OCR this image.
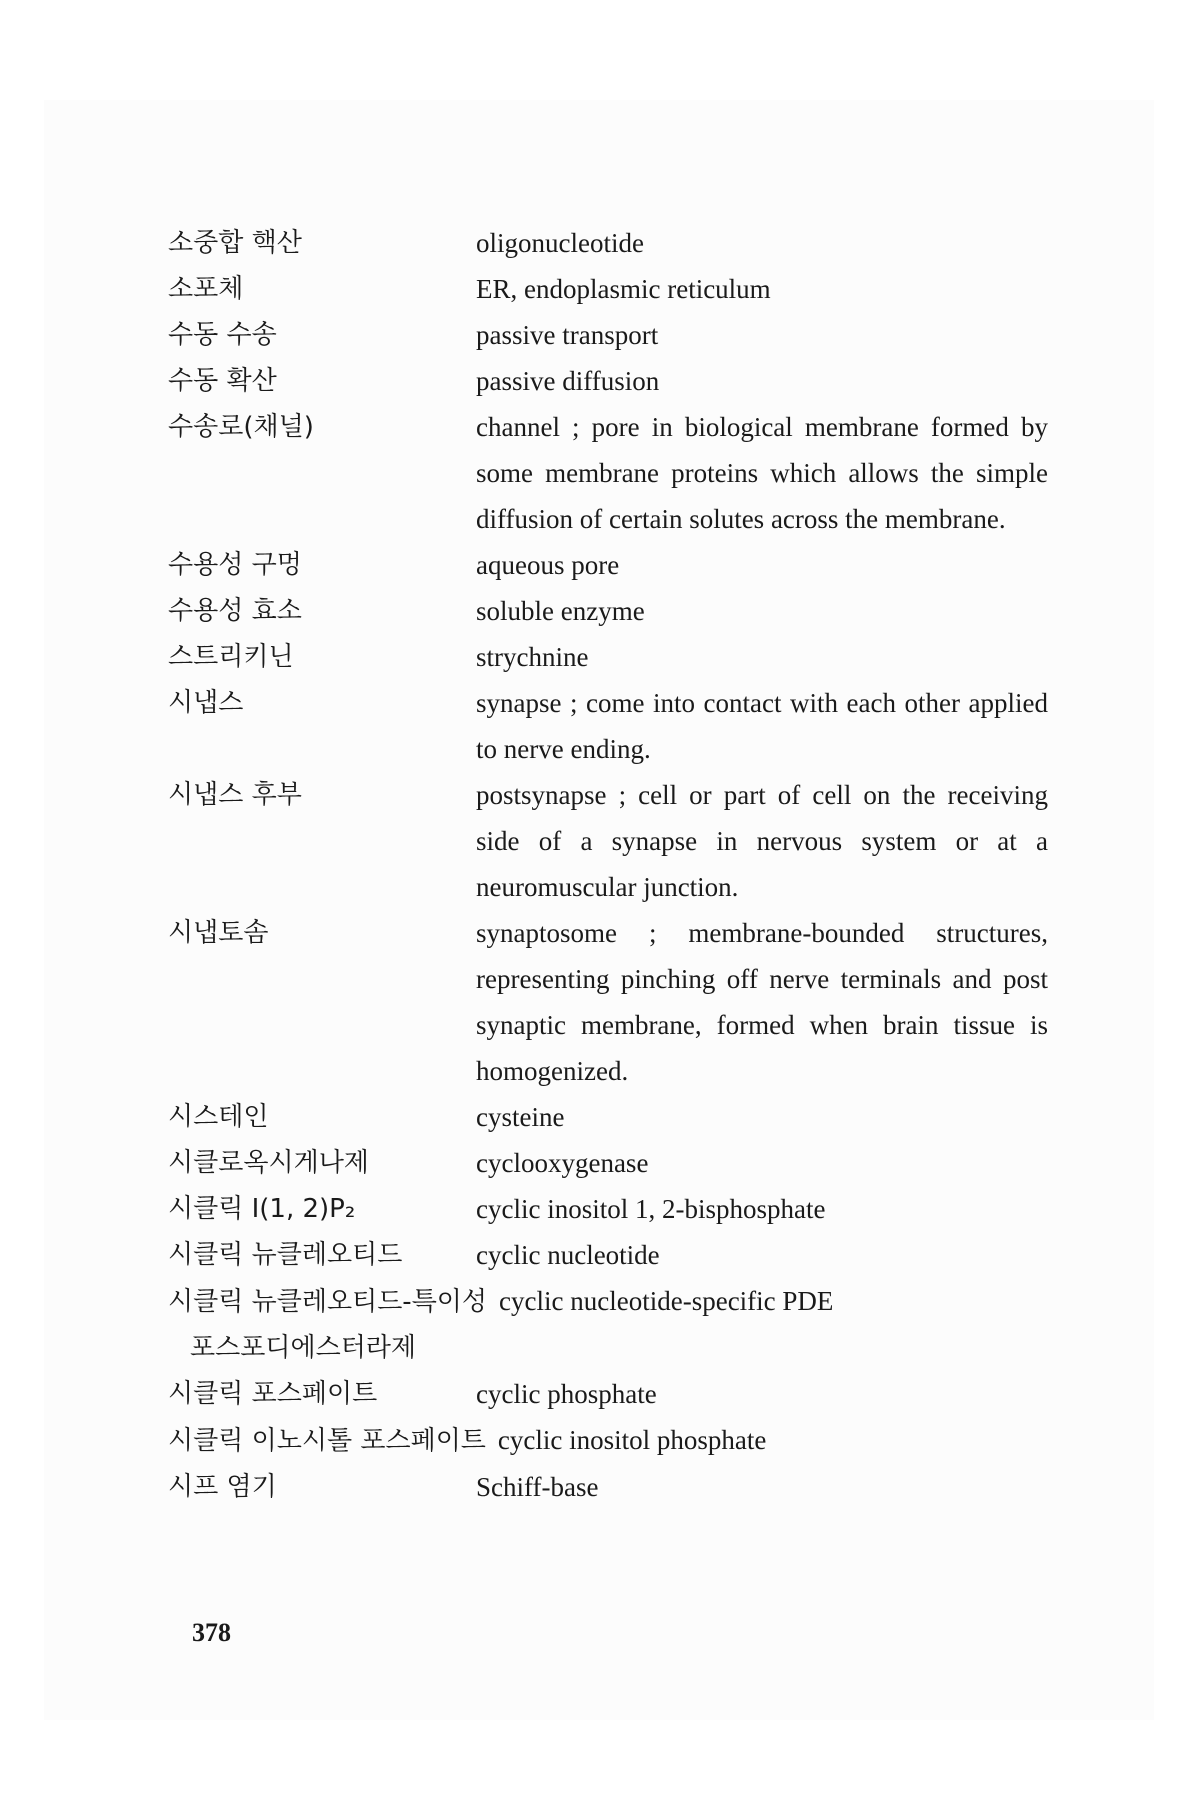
소중합 핵산	oligonucleotide
소포체	ER, endoplasmic reticulum
수동 수송	passive transport
수동 확산	passive diffusion
수송로(채널)	channel ; pore in biological membrane formed by some membrane proteins which allows the simple diffusion of certain solutes across the membrane.
수용성 구멍	aqueous pore
수용성 효소	soluble enzyme
스트리키닌	strychnine
시냅스	synapse ; come into contact with each other applied to nerve ending.
시냅스 후부	postsynapse ; cell or part of cell on the receiving side of a synapse in nervous system or at a neuromuscular junction.
시냅토솜	synaptosome ; membrane-bounded structures, representing pinching off nerve terminals and post synaptic membrane, formed when brain tissue is homogenized.
시스테인	cysteine
시클로옥시게나제	cyclooxygenase
시클릭 I(1, 2)P₂	cyclic inositol 1, 2-bisphosphate
시클릭 뉴클레오티드	cyclic nucleotide
시클릭 뉴클레오티드-특이성 cyclic nucleotide-specific PDE
포스포디에스터라제
시클릭 포스페이트	cyclic phosphate
시클릭 이노시톨 포스페이트 cyclic inositol phosphate
시프 염기	Schiff-base
378
